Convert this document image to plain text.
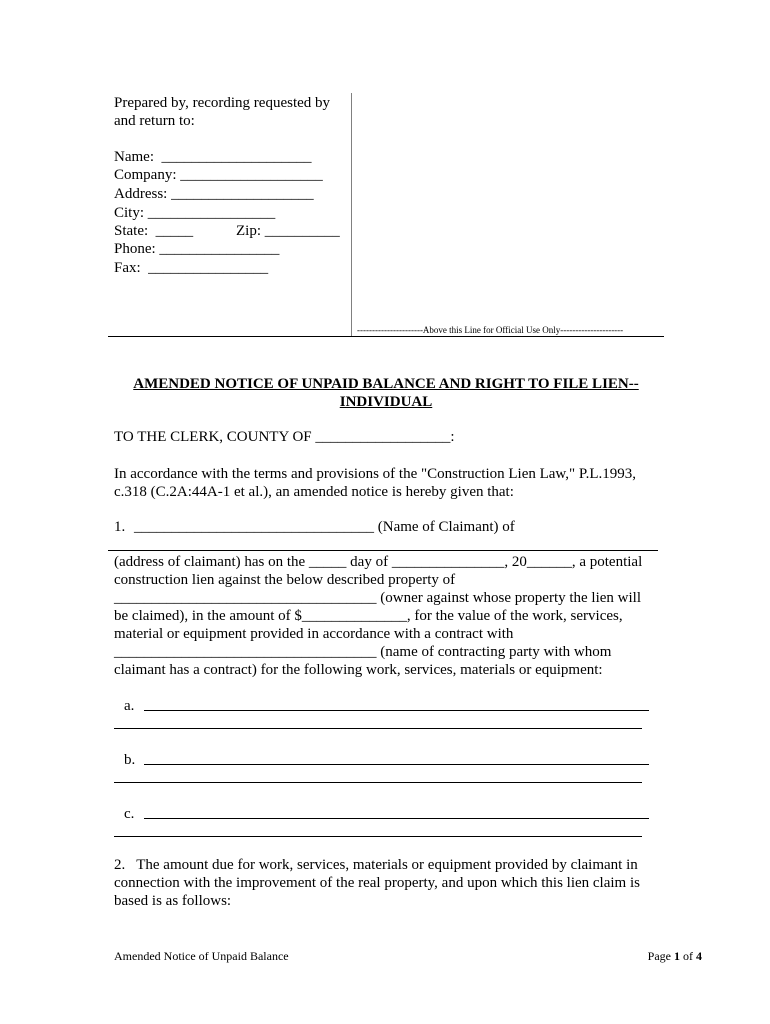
Prepared by, recording requested by
and return to:
Name:  ____________________
Company: ___________________
Address: ___________________
City: _________________
State:  _____	Zip: __________
Phone: ________________
Fax:  ________________
----------------------Above this Line for Official Use Only---------------------
AMENDED NOTICE OF UNPAID BALANCE AND RIGHT TO FILE LIEN--
INDIVIDUAL
TO THE CLERK, COUNTY OF __________________:
In accordance with the terms and provisions of the "Construction Lien Law," P.L.1993,
c.318 (C.2A:44A-1 et al.), an amended notice is hereby given that:
1. ________________________________ (Name of Claimant) of
(address of claimant) has on the _____ day of _______________, 20______, a potential
construction lien against the below described property of
___________________________________ (owner against whose property the lien will
be claimed), in the amount of $______________, for the value of the work, services,
material or equipment provided in accordance with a contract with
___________________________________ (name of contracting party with whom
claimant has a contract) for the following work, services, materials or equipment:
a.
b.
c.
2.   The amount due for work, services, materials or equipment provided by claimant in
connection with the improvement of the real property, and upon which this lien claim is
based is as follows:
Amended Notice of Unpaid Balance	Page 1 of 4
